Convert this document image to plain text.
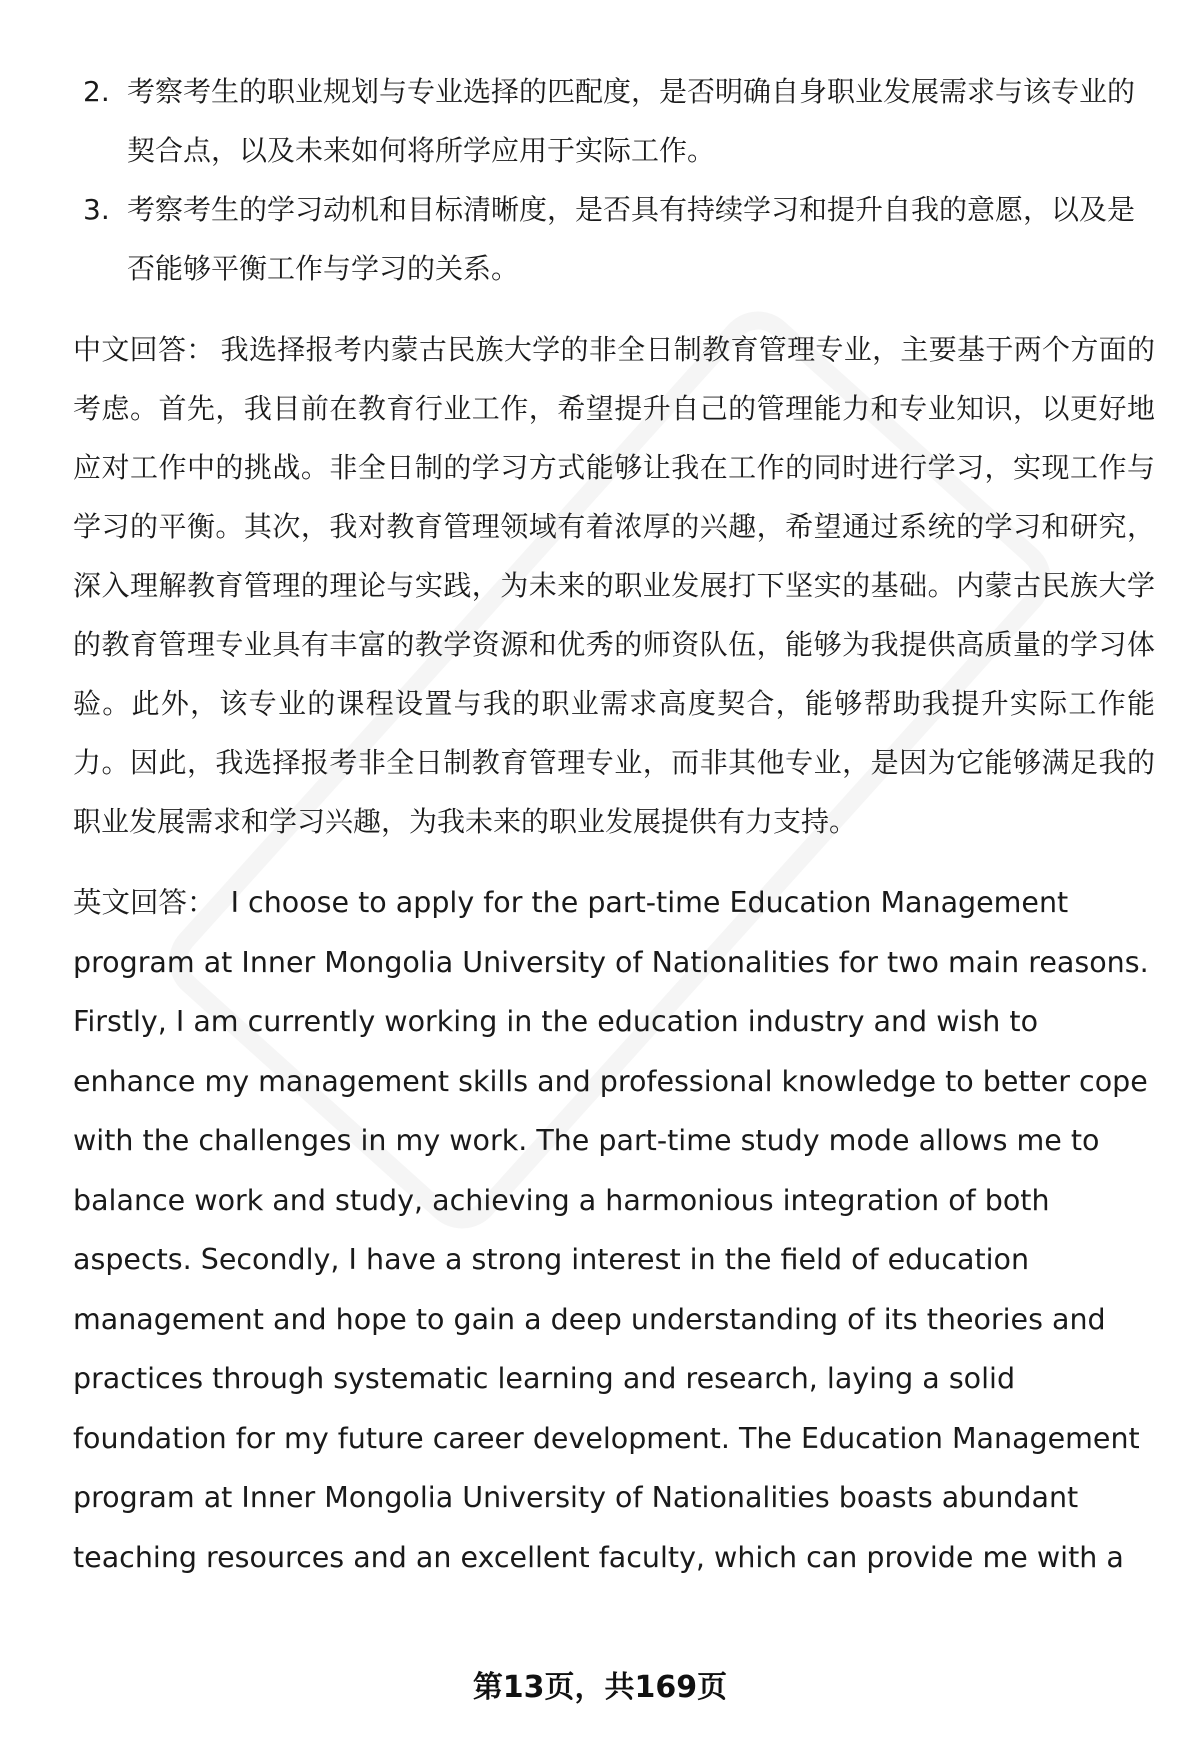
2. 考察考生的职业规划与专业选择的匹配度，是否明确自身职业发展需求与该专业的契合点，以及未来如何将所学应用于实际工作。
3. 考察考生的学习动机和目标清晰度，是否具有持续学习和提升自我的意愿，以及是否能够平衡工作与学习的关系。

中文回答： 我选择报考内蒙古民族大学的非全日制教育管理专业，主要基于两个方面的考虑。首先，我目前在教育行业工作，希望提升自己的管理能力和专业知识，以更好地应对工作中的挑战。非全日制的学习方式能够让我在工作的同时进行学习，实现工作与学习的平衡。其次，我对教育管理领域有着浓厚的兴趣，希望通过系统的学习和研究，深入理解教育管理的理论与实践，为未来的职业发展打下坚实的基础。内蒙古民族大学的教育管理专业具有丰富的教学资源和优秀的师资队伍，能够为我提供高质量的学习体验。此外，该专业的课程设置与我的职业需求高度契合，能够帮助我提升实际工作能力。因此，我选择报考非全日制教育管理专业，而非其他专业，是因为它能够满足我的职业发展需求和学习兴趣，为我未来的职业发展提供有力支持。

英文回答： I choose to apply for the part-time Education Management program at Inner Mongolia University of Nationalities for two main reasons. Firstly, I am currently working in the education industry and wish to enhance my management skills and professional knowledge to better cope with the challenges in my work. The part-time study mode allows me to balance work and study, achieving a harmonious integration of both aspects. Secondly, I have a strong interest in the field of education management and hope to gain a deep understanding of its theories and practices through systematic learning and research, laying a solid foundation for my future career development. The Education Management program at Inner Mongolia University of Nationalities boasts abundant teaching resources and an excellent faculty, which can provide me with a

第13页，共169页
